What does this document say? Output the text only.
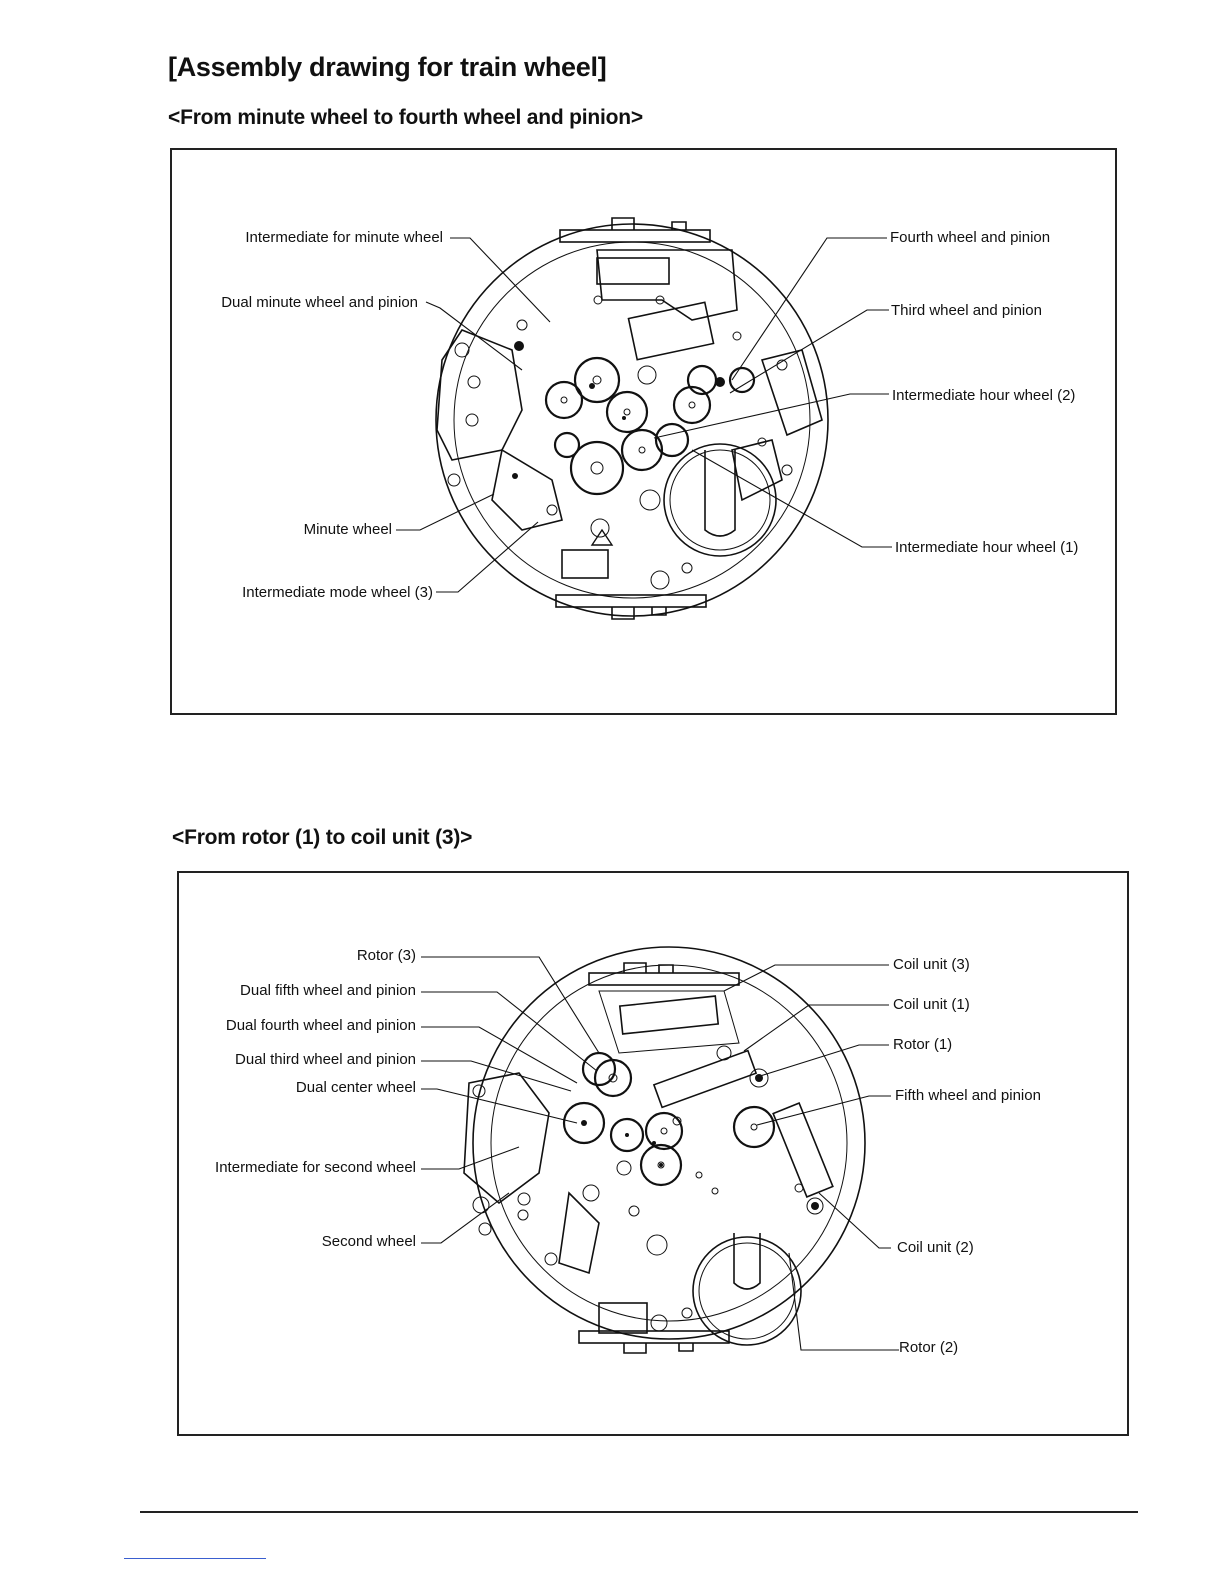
[Assembly drawing for train wheel]
<From minute wheel to fourth wheel and pinion>
<From rotor (1) to coil unit (3)>
Intermediate for minute wheel
Dual minute wheel and pinion
Minute wheel
Intermediate mode wheel (3)
Fourth wheel and pinion
Third wheel and pinion
Intermediate hour wheel (2)
Intermediate hour wheel (1)
Rotor (3)
Dual fifth wheel and pinion
Dual fourth wheel and pinion
Dual third wheel and pinion
Dual center wheel
Intermediate for second wheel
Second wheel
Coil unit (3)
Coil unit (1)
Rotor (1)
Fifth wheel and pinion
Coil unit (2)
Rotor (2)
